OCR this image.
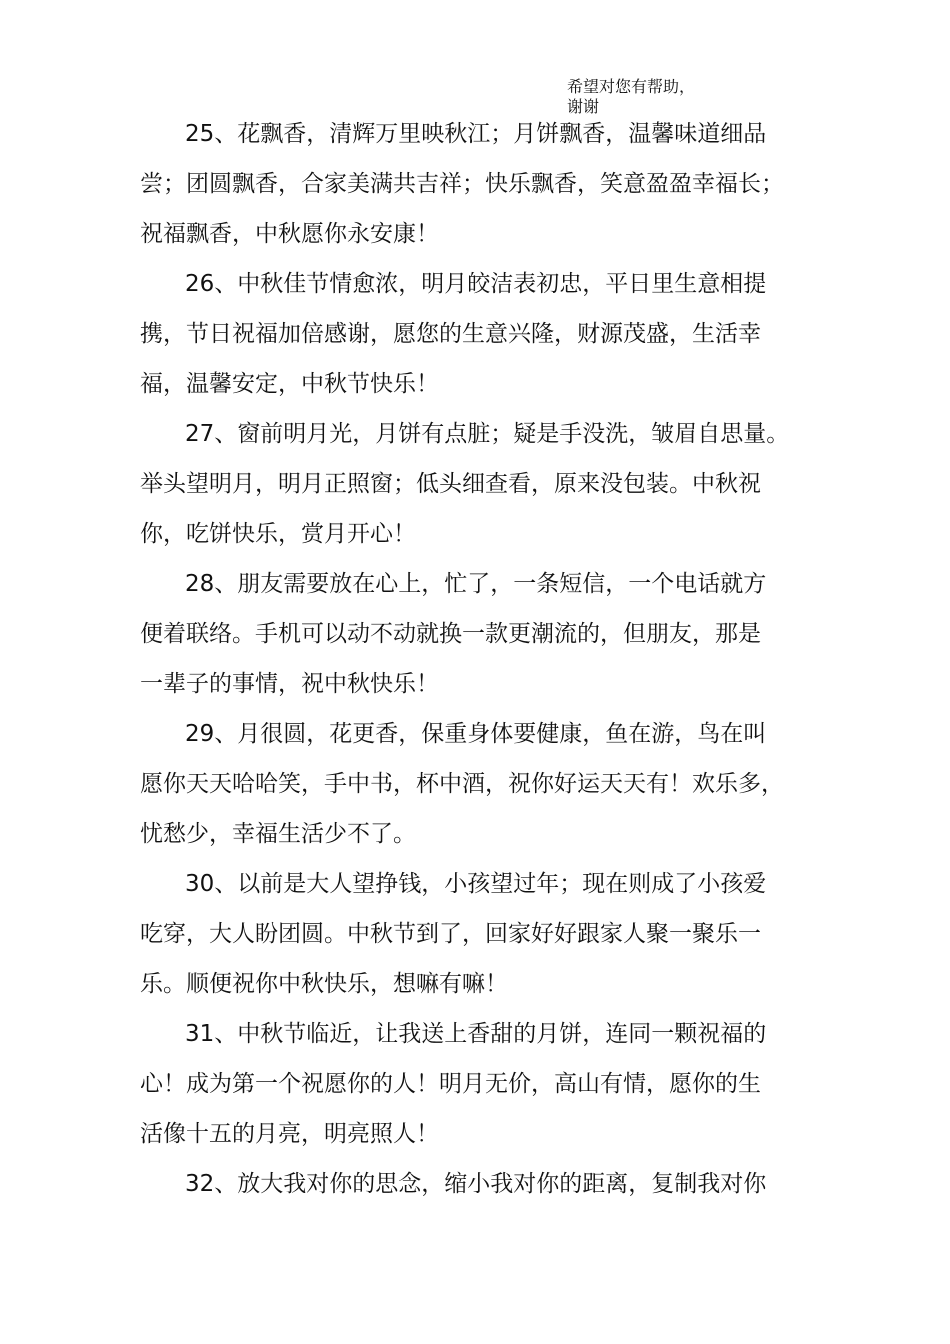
希望对您有帮助，
谢谢
25、花飘香，清辉万里映秋江；月饼飘香，温馨味道细品
尝；团圆飘香，合家美满共吉祥；快乐飘香，笑意盈盈幸福长；
祝福飘香，中秋愿你永安康！
26、中秋佳节情愈浓，明月皎洁表初忠，平日里生意相提
携，节日祝福加倍感谢，愿您的生意兴隆，财源茂盛，生活幸
福，温馨安定，中秋节快乐！
27、窗前明月光，月饼有点脏；疑是手没洗，皱眉自思量。
举头望明月，明月正照窗；低头细查看，原来没包装。中秋祝
你，吃饼快乐，赏月开心！
28、朋友需要放在心上，忙了，一条短信，一个电话就方
便着联络。手机可以动不动就换一款更潮流的，但朋友，那是
一辈子的事情，祝中秋快乐！
29、月很圆，花更香，保重身体要健康，鱼在游，鸟在叫
愿你天天哈哈笑，手中书，杯中酒，祝你好运天天有！欢乐多，
忧愁少，幸福生活少不了。
30、以前是大人望挣钱，小孩望过年；现在则成了小孩爱
吃穿，大人盼团圆。中秋节到了，回家好好跟家人聚一聚乐一
乐。顺便祝你中秋快乐，想嘛有嘛！
31、中秋节临近，让我送上香甜的月饼，连同一颗祝福的
心！成为第一个祝愿你的人！明月无价，高山有情，愿你的生
活像十五的月亮，明亮照人！
32、放大我对你的思念，缩小我对你的距离，复制我对你
